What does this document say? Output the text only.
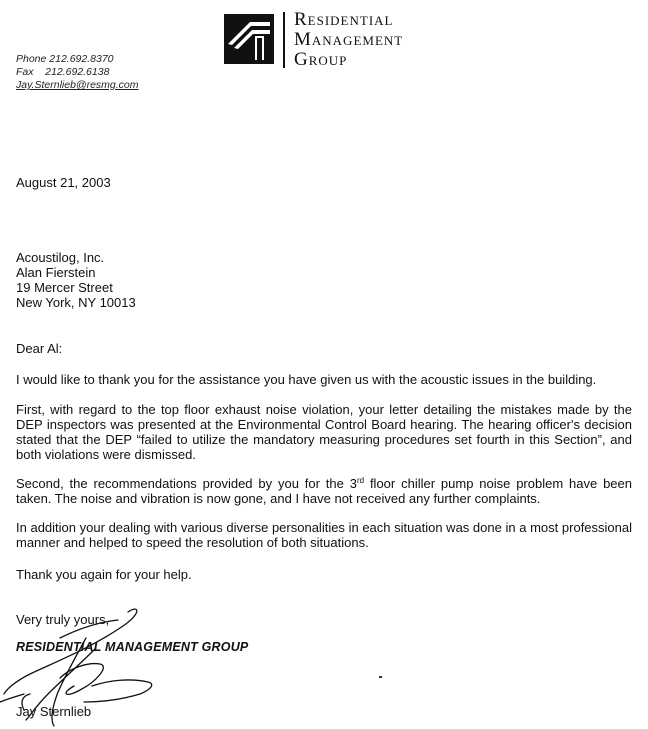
Residential
Management
Group
Phone 212.692.8370
Fax    212.692.6138
Jay.Sternlieb@resmg.com
August 21, 2003
Acoustilog, Inc.
Alan Fierstein
19 Mercer Street
New York, NY 10013
Dear Al:
I would like to thank you for the assistance you have given us with the acoustic issues in the building.
First, with regard to the top floor exhaust noise violation, your letter detailing the mistakes made by the DEP inspectors was presented at the Environmental Control Board hearing. The hearing officer's decision stated that the DEP “failed to utilize the mandatory measuring procedures set fourth in this Section”, and both violations were dismissed.
Second, the recommendations provided by you for the 3rd floor chiller pump noise problem have been taken. The noise and vibration is now gone, and I have not received any further complaints.
In addition your dealing with various diverse personalities in each situation was done in a most professional manner and helped to speed the resolution of both situations.
Thank you again for your help.
Very truly yours,
RESIDENTIAL MANAGEMENT GROUP
Jay Sternlieb
